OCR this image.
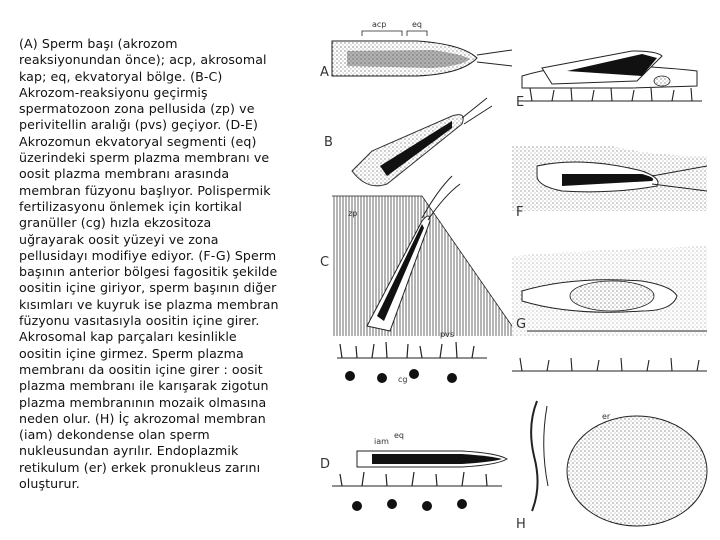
(A) Sperm başı (akrozom
reaksiyonundan önce); acp, akrosomal
kap; eq, ekvatoryal bölge. (B-C)
Akrozom-reaksiyonu geçirmiş
spermatozoon zona pellusida (zp) ve
perivitellin aralığı (pvs) geçiyor. (D-E)
Akrozomun ekvatoryal segmenti (eq)
üzerindeki sperm plazma membranı ve
oosit plazma membranı arasında
membran füzyonu başlıyor. Polispermik
fertilizasyonu önlemek için kortikal
granüller (cg) hızla ekzositoza
uğrayarak oosit yüzeyi ve zona
pellusidayı modifiye ediyor. (F-G) Sperm
başının anterior bölgesi fagositik şekilde
oositin içine giriyor, sperm başının diğer
kısımları ve kuyruk ise plazma membran
füzyonu vasıtasıyla oositin içine girer.
Akrosomal kap parçaları kesinlikle
oositin içine girmez. Sperm plazma
membranı da oositin içine girer : oosit
plazma membranı ile karışarak zigotun
plazma membranının mozaik olmasına
neden olur. (H) İç akrozomal membran
(iam) dekondense olan sperm
nukleusundan ayrılır. Endoplazmik
retikulum (er) erkek pronukleus zarını
oluşturur.
acp	eq
A
B
zp
pvs
C
cg
iam
eq
D
E
F
G
er
H
